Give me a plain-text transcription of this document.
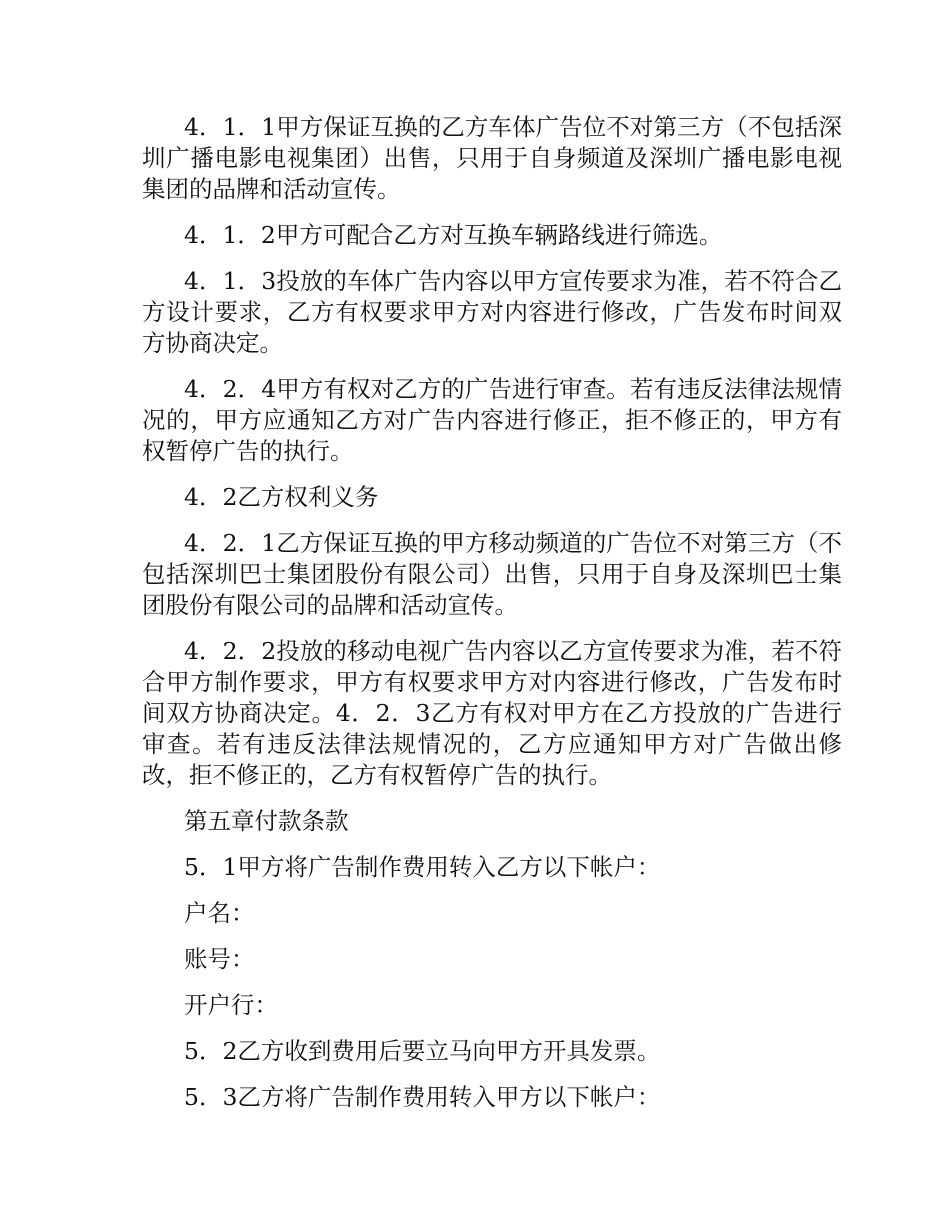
4．1．1甲方保证互换的乙方车体广告位不对第三方（不包括深圳广播电影电视集团）出售，只用于自身频道及深圳广播电影电视集团的品牌和活动宣传。

4．1．2甲方可配合乙方对互换车辆路线进行筛选。

4．1．3投放的车体广告内容以甲方宣传要求为准，若不符合乙方设计要求，乙方有权要求甲方对内容进行修改，广告发布时间双方协商决定。

4．2．4甲方有权对乙方的广告进行审查。若有违反法律法规情况的，甲方应通知乙方对广告内容进行修正，拒不修正的，甲方有权暂停广告的执行。

4．2乙方权利义务

4．2．1乙方保证互换的甲方移动频道的广告位不对第三方（不包括深圳巴士集团股份有限公司）出售，只用于自身及深圳巴士集团股份有限公司的品牌和活动宣传。

4．2．2投放的移动电视广告内容以乙方宣传要求为准，若不符合甲方制作要求，甲方有权要求甲方对内容进行修改，广告发布时间双方协商决定。4．2．3乙方有权对甲方在乙方投放的广告进行审查。若有违反法律法规情况的，乙方应通知甲方对广告做出修改，拒不修正的，乙方有权暂停广告的执行。

第五章付款条款

5．1甲方将广告制作费用转入乙方以下帐户：

户名：

账号：

开户行：

5．2乙方收到费用后要立马向甲方开具发票。

5．3乙方将广告制作费用转入甲方以下帐户：
